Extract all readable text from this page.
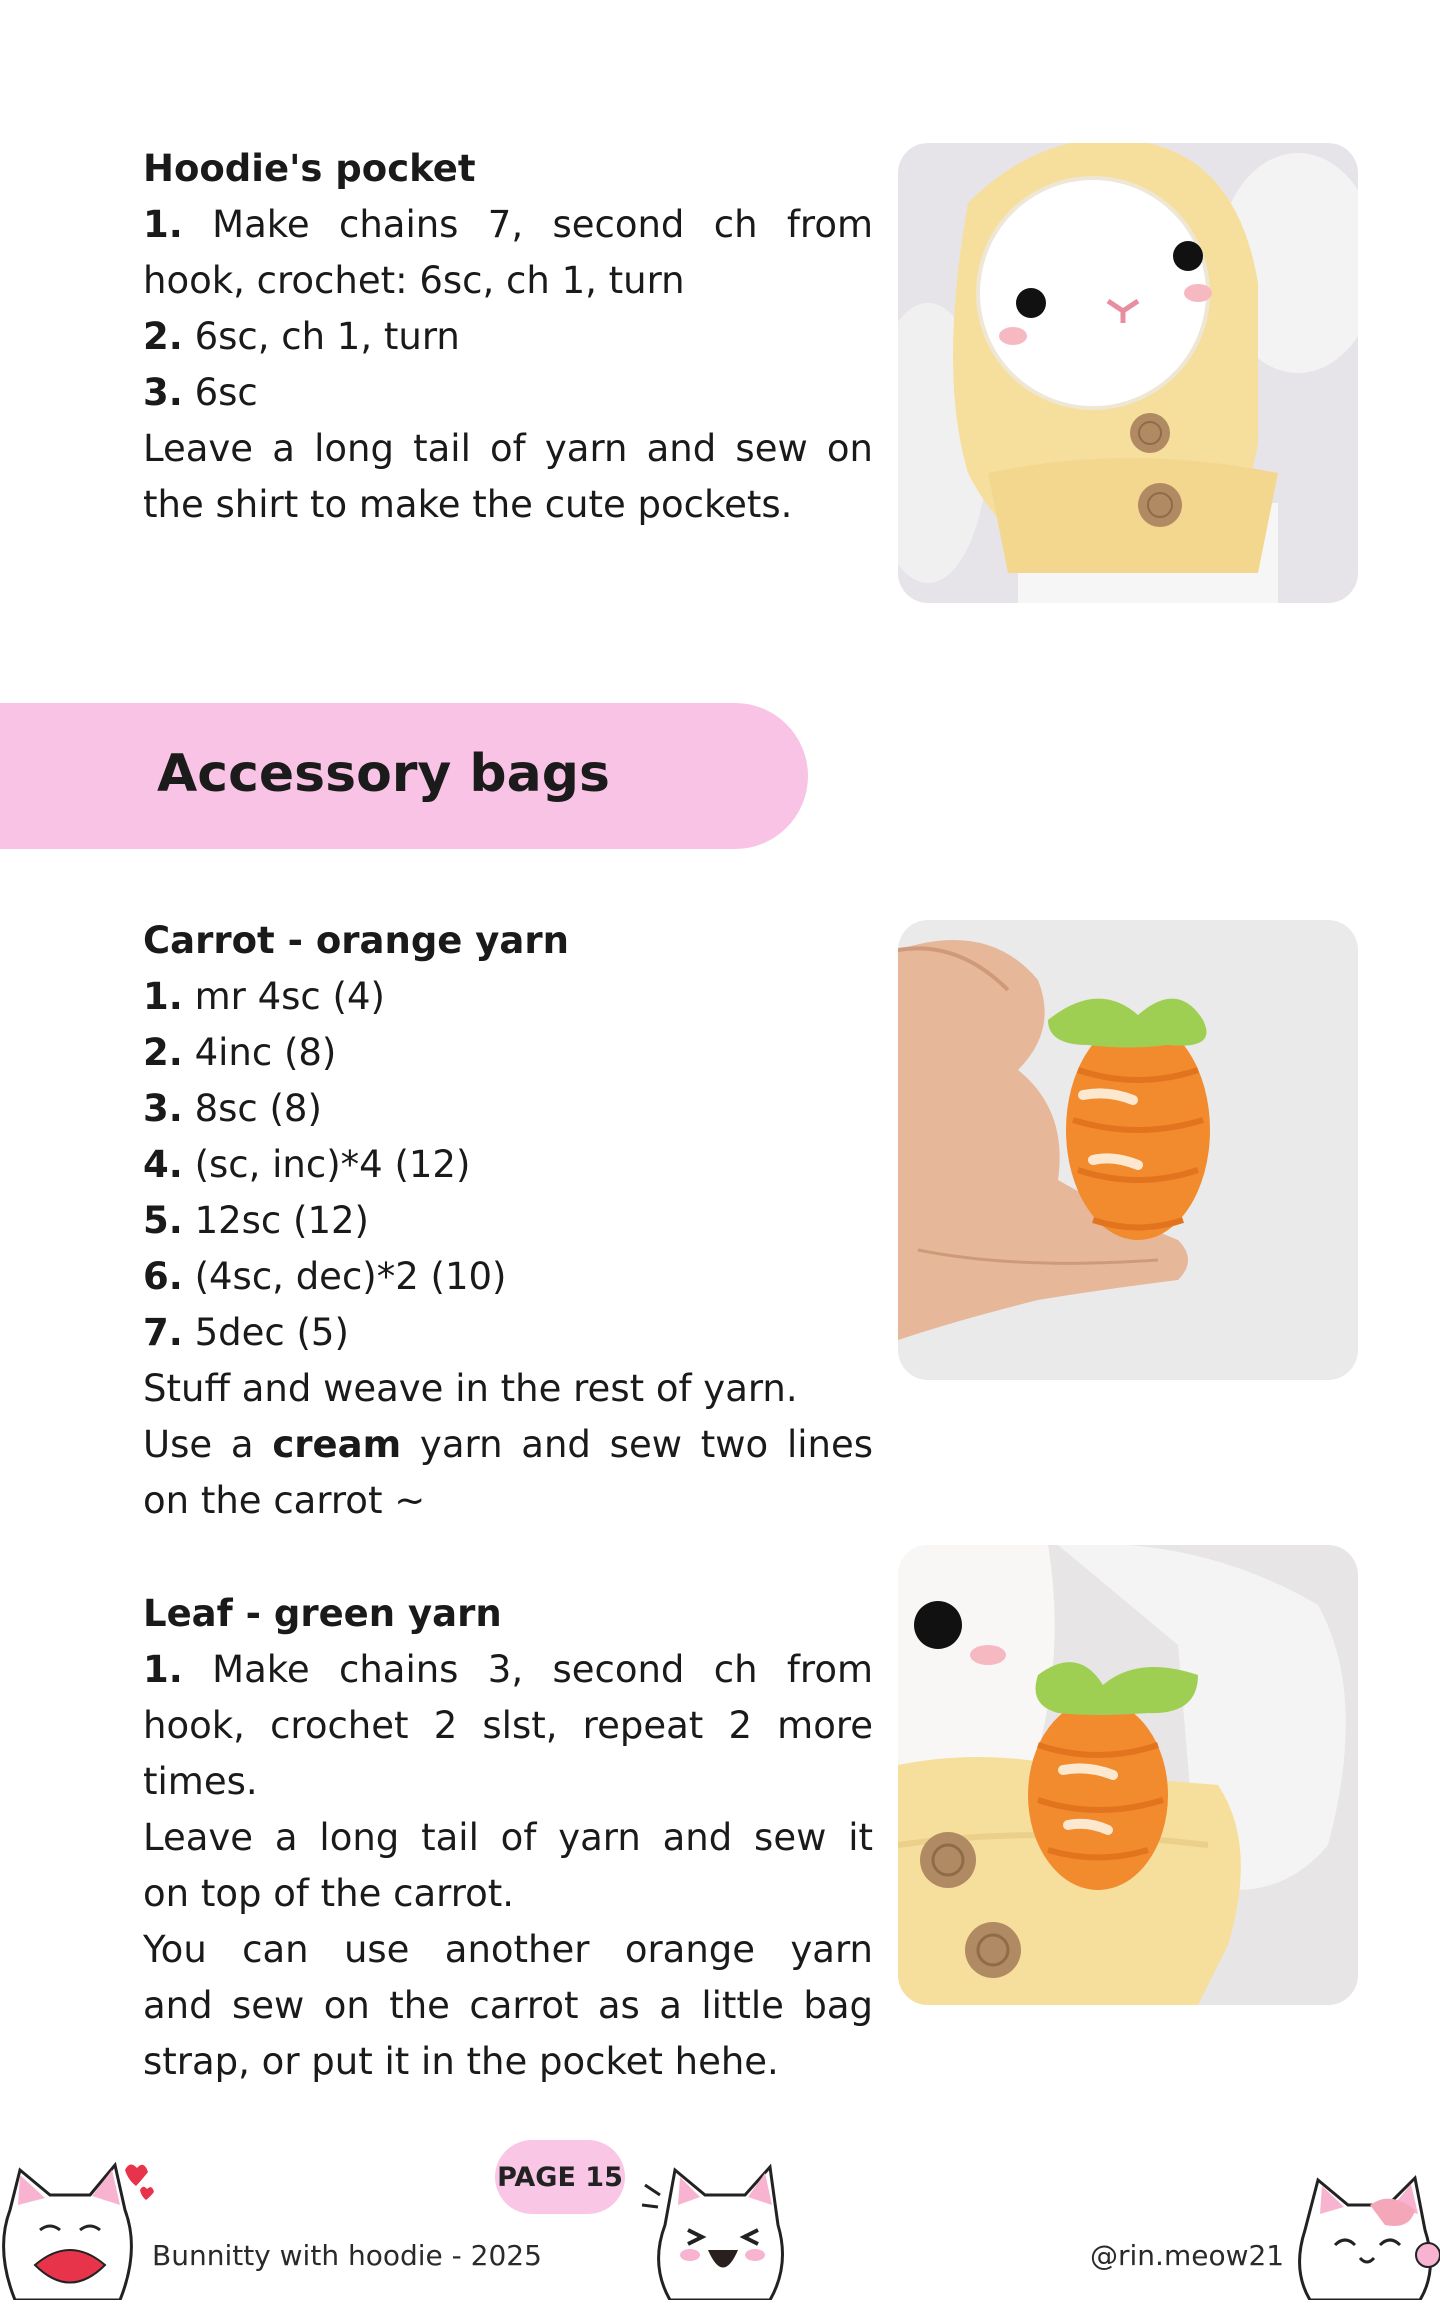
Hoodie's pocket
1. Make chains 7, second ch from
hook, crochet: 6sc, ch 1, turn
2. 6sc, ch 1, turn
3. 6sc
Leave a long tail of yarn and sew on
the shirt to make the cute pockets.
Accessory bags
Carrot - orange yarn
1. mr 4sc (4)
2. 4inc (8)
3. 8sc (8)
4. (sc, inc)*4 (12)
5. 12sc (12)
6. (4sc, dec)*2 (10)
7. 5dec (5)
Stuff and weave in the rest of yarn.
Use a cream yarn and sew two lines
on the carrot ~
Leaf - green yarn
1. Make chains 3, second ch from
hook, crochet 2 slst, repeat 2 more
times.
Leave a long tail of yarn and sew it
on top of the carrot.
You can use another orange yarn
and sew on the carrot as a little bag
strap, or put it in the pocket hehe.
Bunnitty with hoodie - 2025
PAGE 15
@rin.meow21
